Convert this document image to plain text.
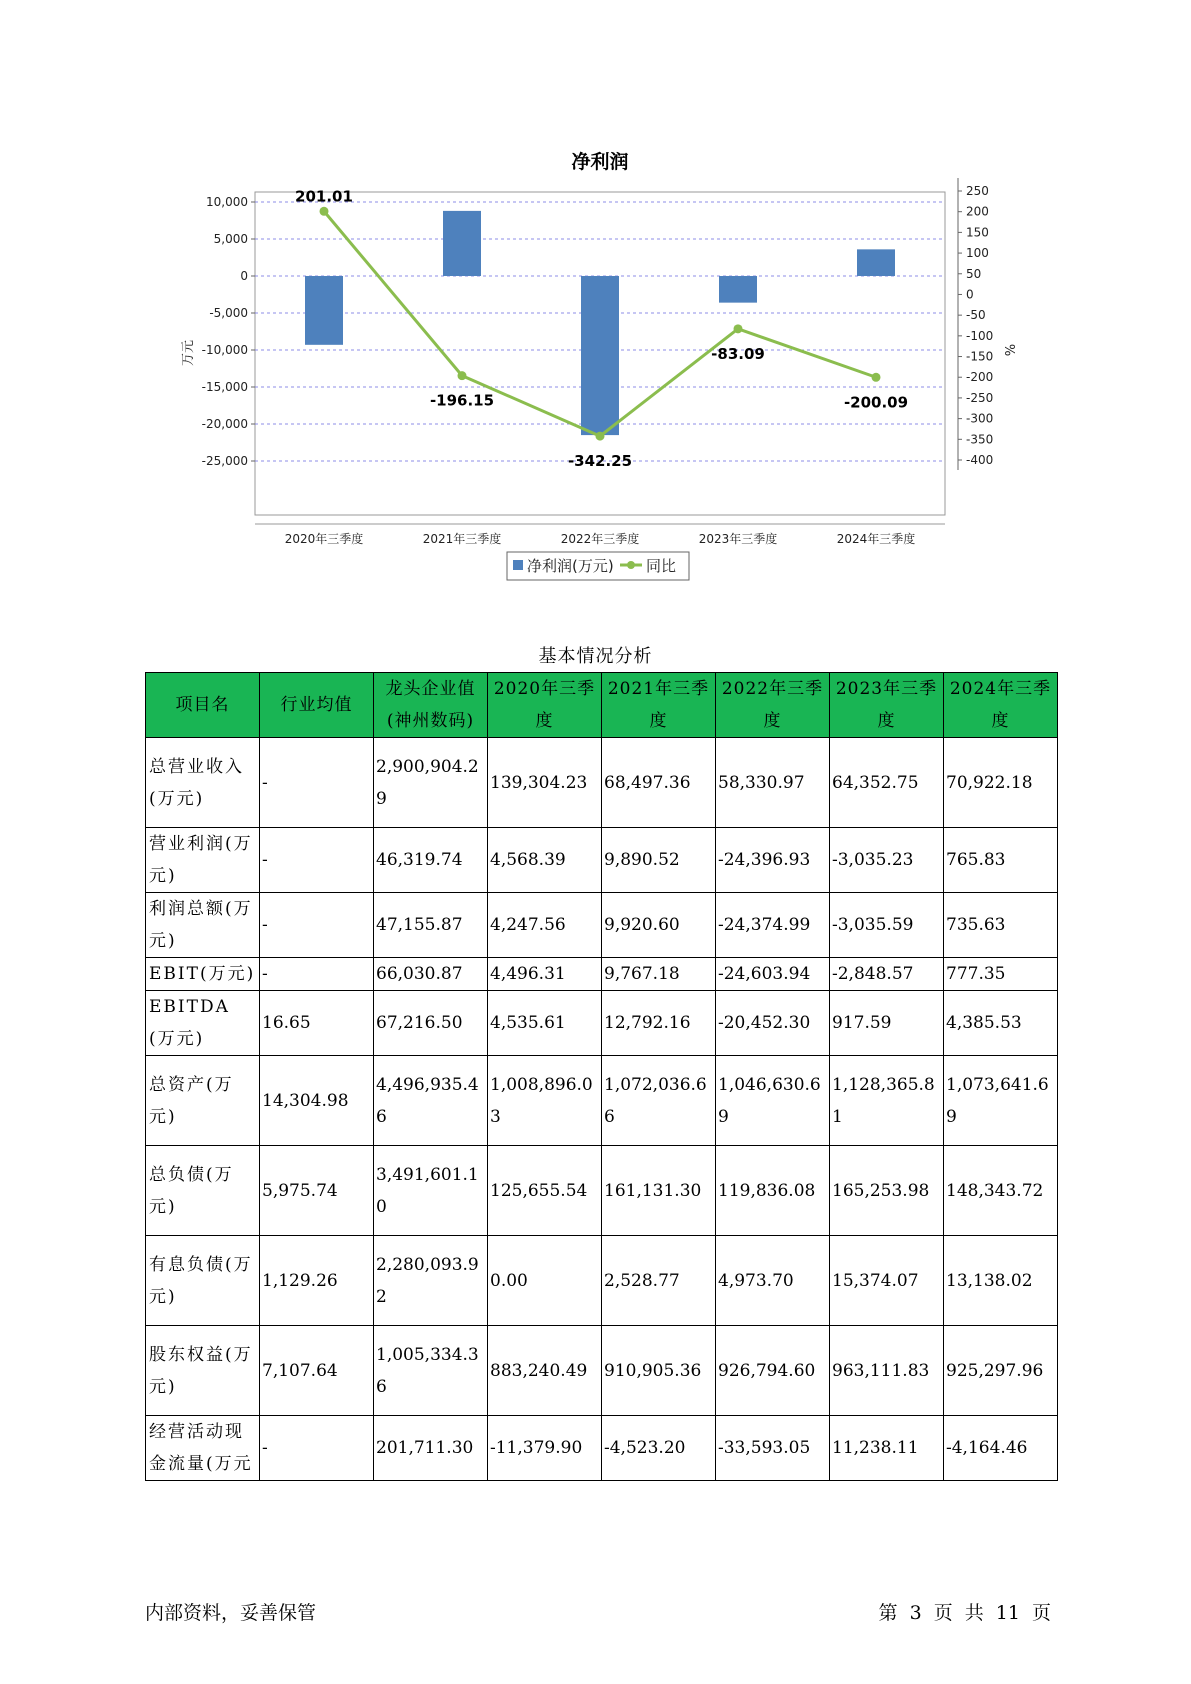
净利润
10,000
5,000
0
-5,000
-10,000
-15,000
-20,000
-25,000
250
200
150
100
50
0
-50
-100
-150
-200
-250
-300
-350
-400
2020年三季度	2021年三季度	2022年三季度	2023年三季度	2024年三季度
201.01
-196.15
-342.25
-83.09
-200.09
万元	%
净利润(万元) 同比
基本情况分析
项目名	行业均值	龙头企业值(神州数码)	2020年三季度	2021年三季度	2022年三季度	2023年三季度	2024年三季度
总营业收入(万元)	-	2,900,904.29	139,304.23	68,497.36	58,330.97	64,352.75	70,922.18
营业利润(万元)	-	46,319.74	4,568.39	9,890.52	-24,396.93	-3,035.23	765.83
利润总额(万元)	-	47,155.87	4,247.56	9,920.60	-24,374.99	-3,035.59	735.63
EBIT(万元)	-	66,030.87	4,496.31	9,767.18	-24,603.94	-2,848.57	777.35
EBITDA(万元)	16.65	67,216.50	4,535.61	12,792.16	-20,452.30	917.59	4,385.53
总资产(万元)	14,304.98	4,496,935.46	1,008,896.03	1,072,036.66	1,046,630.69	1,128,365.81	1,073,641.69
总负债(万元)	5,975.74	3,491,601.10	125,655.54	161,131.30	119,836.08	165,253.98	148,343.72
有息负债(万元)	1,129.26	2,280,093.92	0.00	2,528.77	4,973.70	15,374.07	13,138.02
股东权益(万元)	7,107.64	1,005,334.36	883,240.49	910,905.36	926,794.60	963,111.83	925,297.96
经营活动现金流量(万元	-	201,711.30	-11,379.90	-4,523.20	-33,593.05	11,238.11	-4,164.46
内部资料，妥善保管	第 3 页 共 11 页
